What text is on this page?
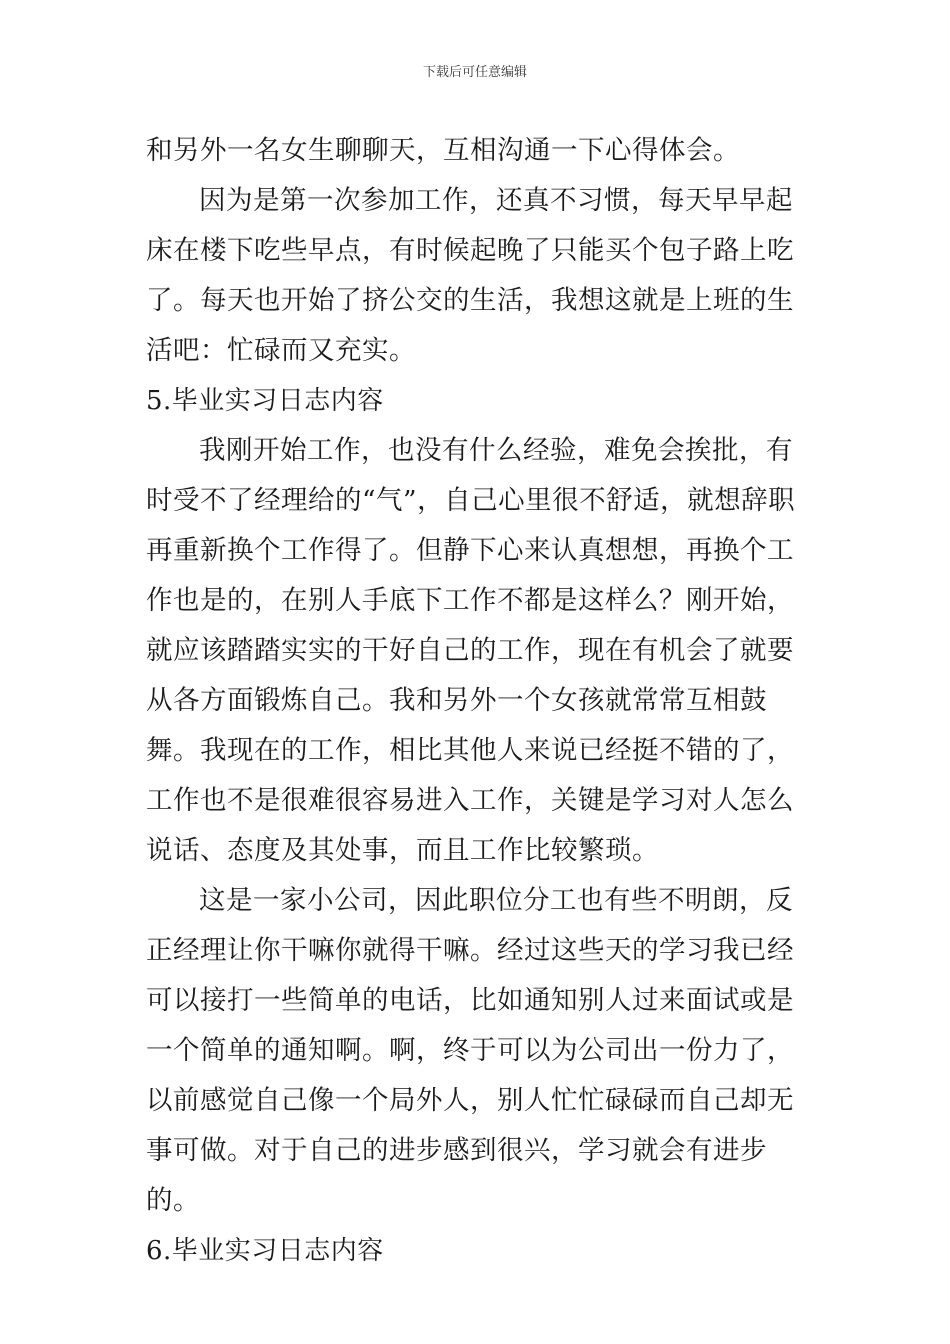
下载后可任意编辑

和另外一名女生聊聊天，互相沟通一下心得体会。

因为是第一次参加工作，还真不习惯，每天早早起床在楼下吃些早点，有时候起晚了只能买个包子路上吃了。每天也开始了挤公交的生活，我想这就是上班的生活吧：忙碌而又充实。

5.毕业实习日志内容

我刚开始工作，也没有什么经验，难免会挨批，有时受不了经理给的“气”，自己心里很不舒适，就想辞职再重新换个工作得了。但静下心来认真想想，再换个工作也是的，在别人手底下工作不都是这样么？刚开始，就应该踏踏实实的干好自己的工作，现在有机会了就要从各方面锻炼自己。我和另外一个女孩就常常互相鼓舞。我现在的工作，相比其他人来说已经挺不错的了，工作也不是很难很容易进入工作，关键是学习对人怎么说话、态度及其处事，而且工作比较繁琐。

这是一家小公司，因此职位分工也有些不明朗，反正经理让你干嘛你就得干嘛。经过这些天的学习我已经可以接打一些简单的电话，比如通知别人过来面试或是一个简单的通知啊。啊，终于可以为公司出一份力了，以前感觉自己像一个局外人，别人忙忙碌碌而自己却无事可做。对于自己的进步感到很兴，学习就会有进步的。

6.毕业实习日志内容
